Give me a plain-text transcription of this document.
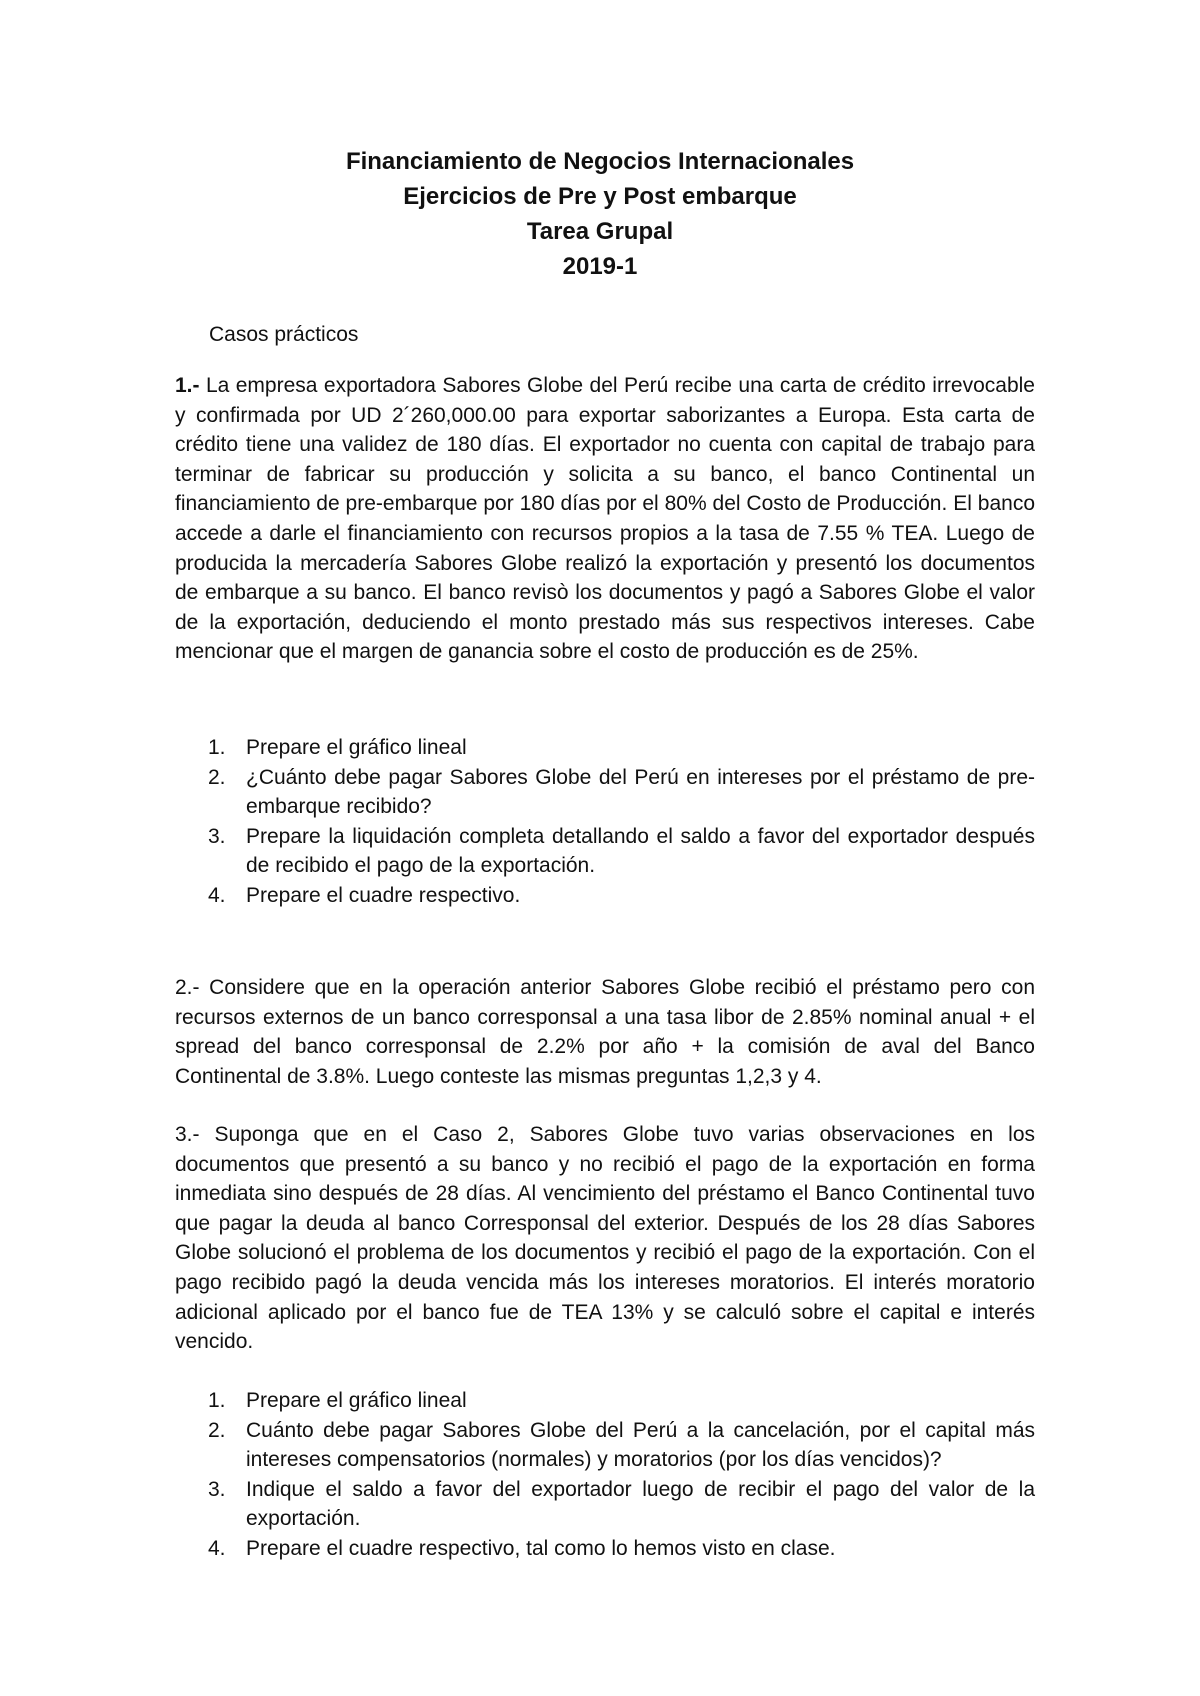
Financiamiento de Negocios Internacionales
Ejercicios de Pre y Post embarque
Tarea Grupal
2019-1
Casos prácticos
1.- La empresa exportadora Sabores Globe del Perú recibe una carta de crédito irrevocable y confirmada por UD 2´260,000.00 para exportar saborizantes a Europa. Esta carta de crédito tiene una validez de 180 días. El exportador no cuenta con capital de trabajo para terminar de fabricar su producción y solicita a su banco, el banco Continental un financiamiento de pre-embarque por 180 días por el 80% del Costo de Producción. El banco accede a darle el financiamiento con recursos propios a la tasa de 7.55 % TEA. Luego de producida la mercadería Sabores Globe realizó la exportación y presentó los documentos de embarque a su banco. El banco revisò los documentos y pagó a Sabores Globe el valor de la exportación, deduciendo el monto prestado más sus respectivos intereses. Cabe mencionar que el margen de ganancia sobre el costo de producción es de 25%.
1. Prepare el gráfico lineal
2. ¿Cuánto debe pagar Sabores Globe del Perú en intereses por el préstamo de pre-embarque recibido?
3. Prepare la liquidación completa detallando el saldo a favor del exportador después de recibido el pago de la exportación.
4. Prepare el cuadre respectivo.
2.- Considere que en la operación anterior Sabores Globe recibió el préstamo pero con recursos externos de un banco corresponsal a una tasa libor de 2.85% nominal anual + el spread del banco corresponsal de 2.2% por año + la comisión de aval del Banco Continental de 3.8%. Luego conteste las mismas preguntas 1,2,3 y 4.
3.- Suponga que en el Caso 2, Sabores Globe tuvo varias observaciones en los documentos que presentó a su banco y no recibió el pago de la exportación en forma inmediata sino después de 28 días. Al vencimiento del préstamo el Banco Continental tuvo que pagar la deuda al banco Corresponsal del exterior. Después de los 28 días Sabores Globe solucionó el problema de los documentos y recibió el pago de la exportación. Con el pago recibido pagó la deuda vencida más los intereses moratorios. El interés moratorio adicional aplicado por el banco fue de TEA 13% y se calculó sobre el capital e interés vencido.
1. Prepare el gráfico lineal
2. Cuánto debe pagar Sabores Globe del Perú a la cancelación, por el capital más intereses compensatorios (normales) y moratorios (por los días vencidos)?
3. Indique el saldo a favor del exportador luego de recibir el pago del valor de la exportación.
4. Prepare el cuadre respectivo, tal como lo hemos visto en clase.
